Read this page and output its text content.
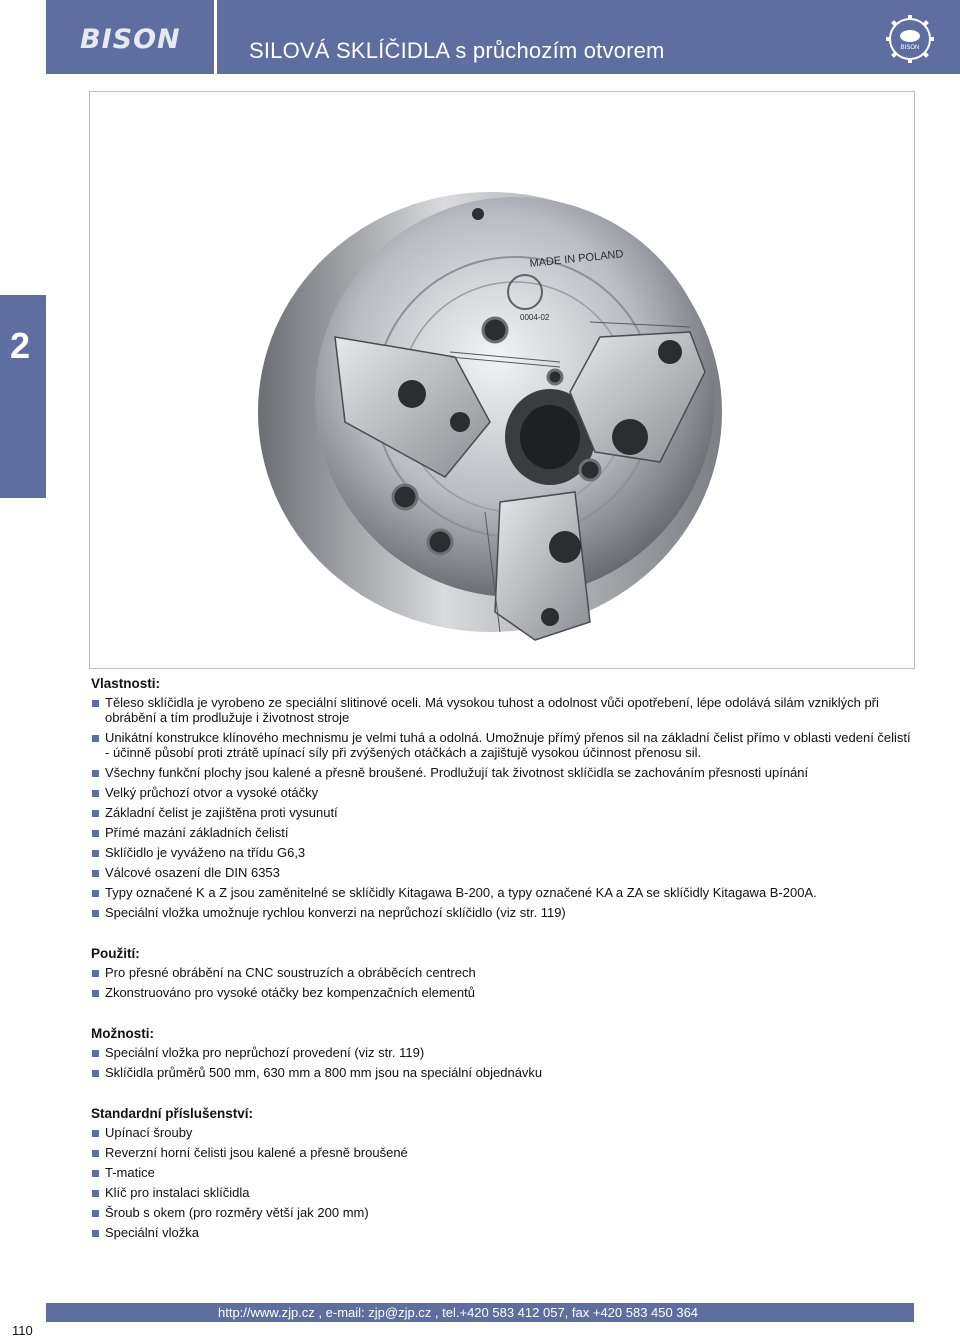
BISON	SILOVÁ SKLÍČIDLA s průchozím otvorem	BISON
2
MADE IN POLAND
0004-02
Vlastnosti:
Těleso sklíčidla je vyrobeno ze speciální slitinové oceli. Má vysokou tuhost a odolnost vůči opotřebení, lépe odolává silám vzniklých při obrábění a tím prodlužuje i životnost stroje
Unikátní konstrukce klínového mechnismu je velmi tuhá a odolná. Umožnuje přímý přenos sil na základní čelist přímo v oblasti vedení čelistí - účinně působí proti ztrátě upínací síly při zvýšených otáčkách a zajištujě vysokou účinnost přenosu sil.
Všechny funkční plochy jsou kalené a přesně broušené. Prodlužují tak životnost sklíčidla se zachováním přesnosti upínání
Velký průchozí otvor a vysoké otáčky
Základní čelist je zajištěna proti vysunutí
Přímé mazání základních čelistí
Sklíčidlo je vyváženo na třídu G6,3
Válcové osazení dle DIN 6353
Typy označené K a Z jsou zaměnitelné se sklíčidly Kitagawa B-200, a typy označené KA a ZA se sklíčidly Kitagawa B-200A.
Speciální vložka umožnuje rychlou konverzi na neprůchozí sklíčidlo (viz str. 119)
Použití:
Pro přesné obrábění na CNC soustruzích a obráběcích centrech
Zkonstruováno pro vysoké otáčky bez kompenzačních elementů
Možnosti:
Speciální vložka pro neprůchozí provedení (viz str. 119)
Sklíčidla průměrů 500 mm, 630 mm a 800 mm jsou na speciální objednávku
Standardní příslušenství:
Upínací šrouby
Reverzní horní čelisti jsou kalené a přesně broušené
T-matice
Klíč pro instalaci sklíčidla
Šroub s okem (pro rozměry větší jak 200 mm)
Speciální vložka
http://www.zjp.cz , e-mail: zjp@zjp.cz , tel.+420 583 412 057, fax +420 583 450 364
110
